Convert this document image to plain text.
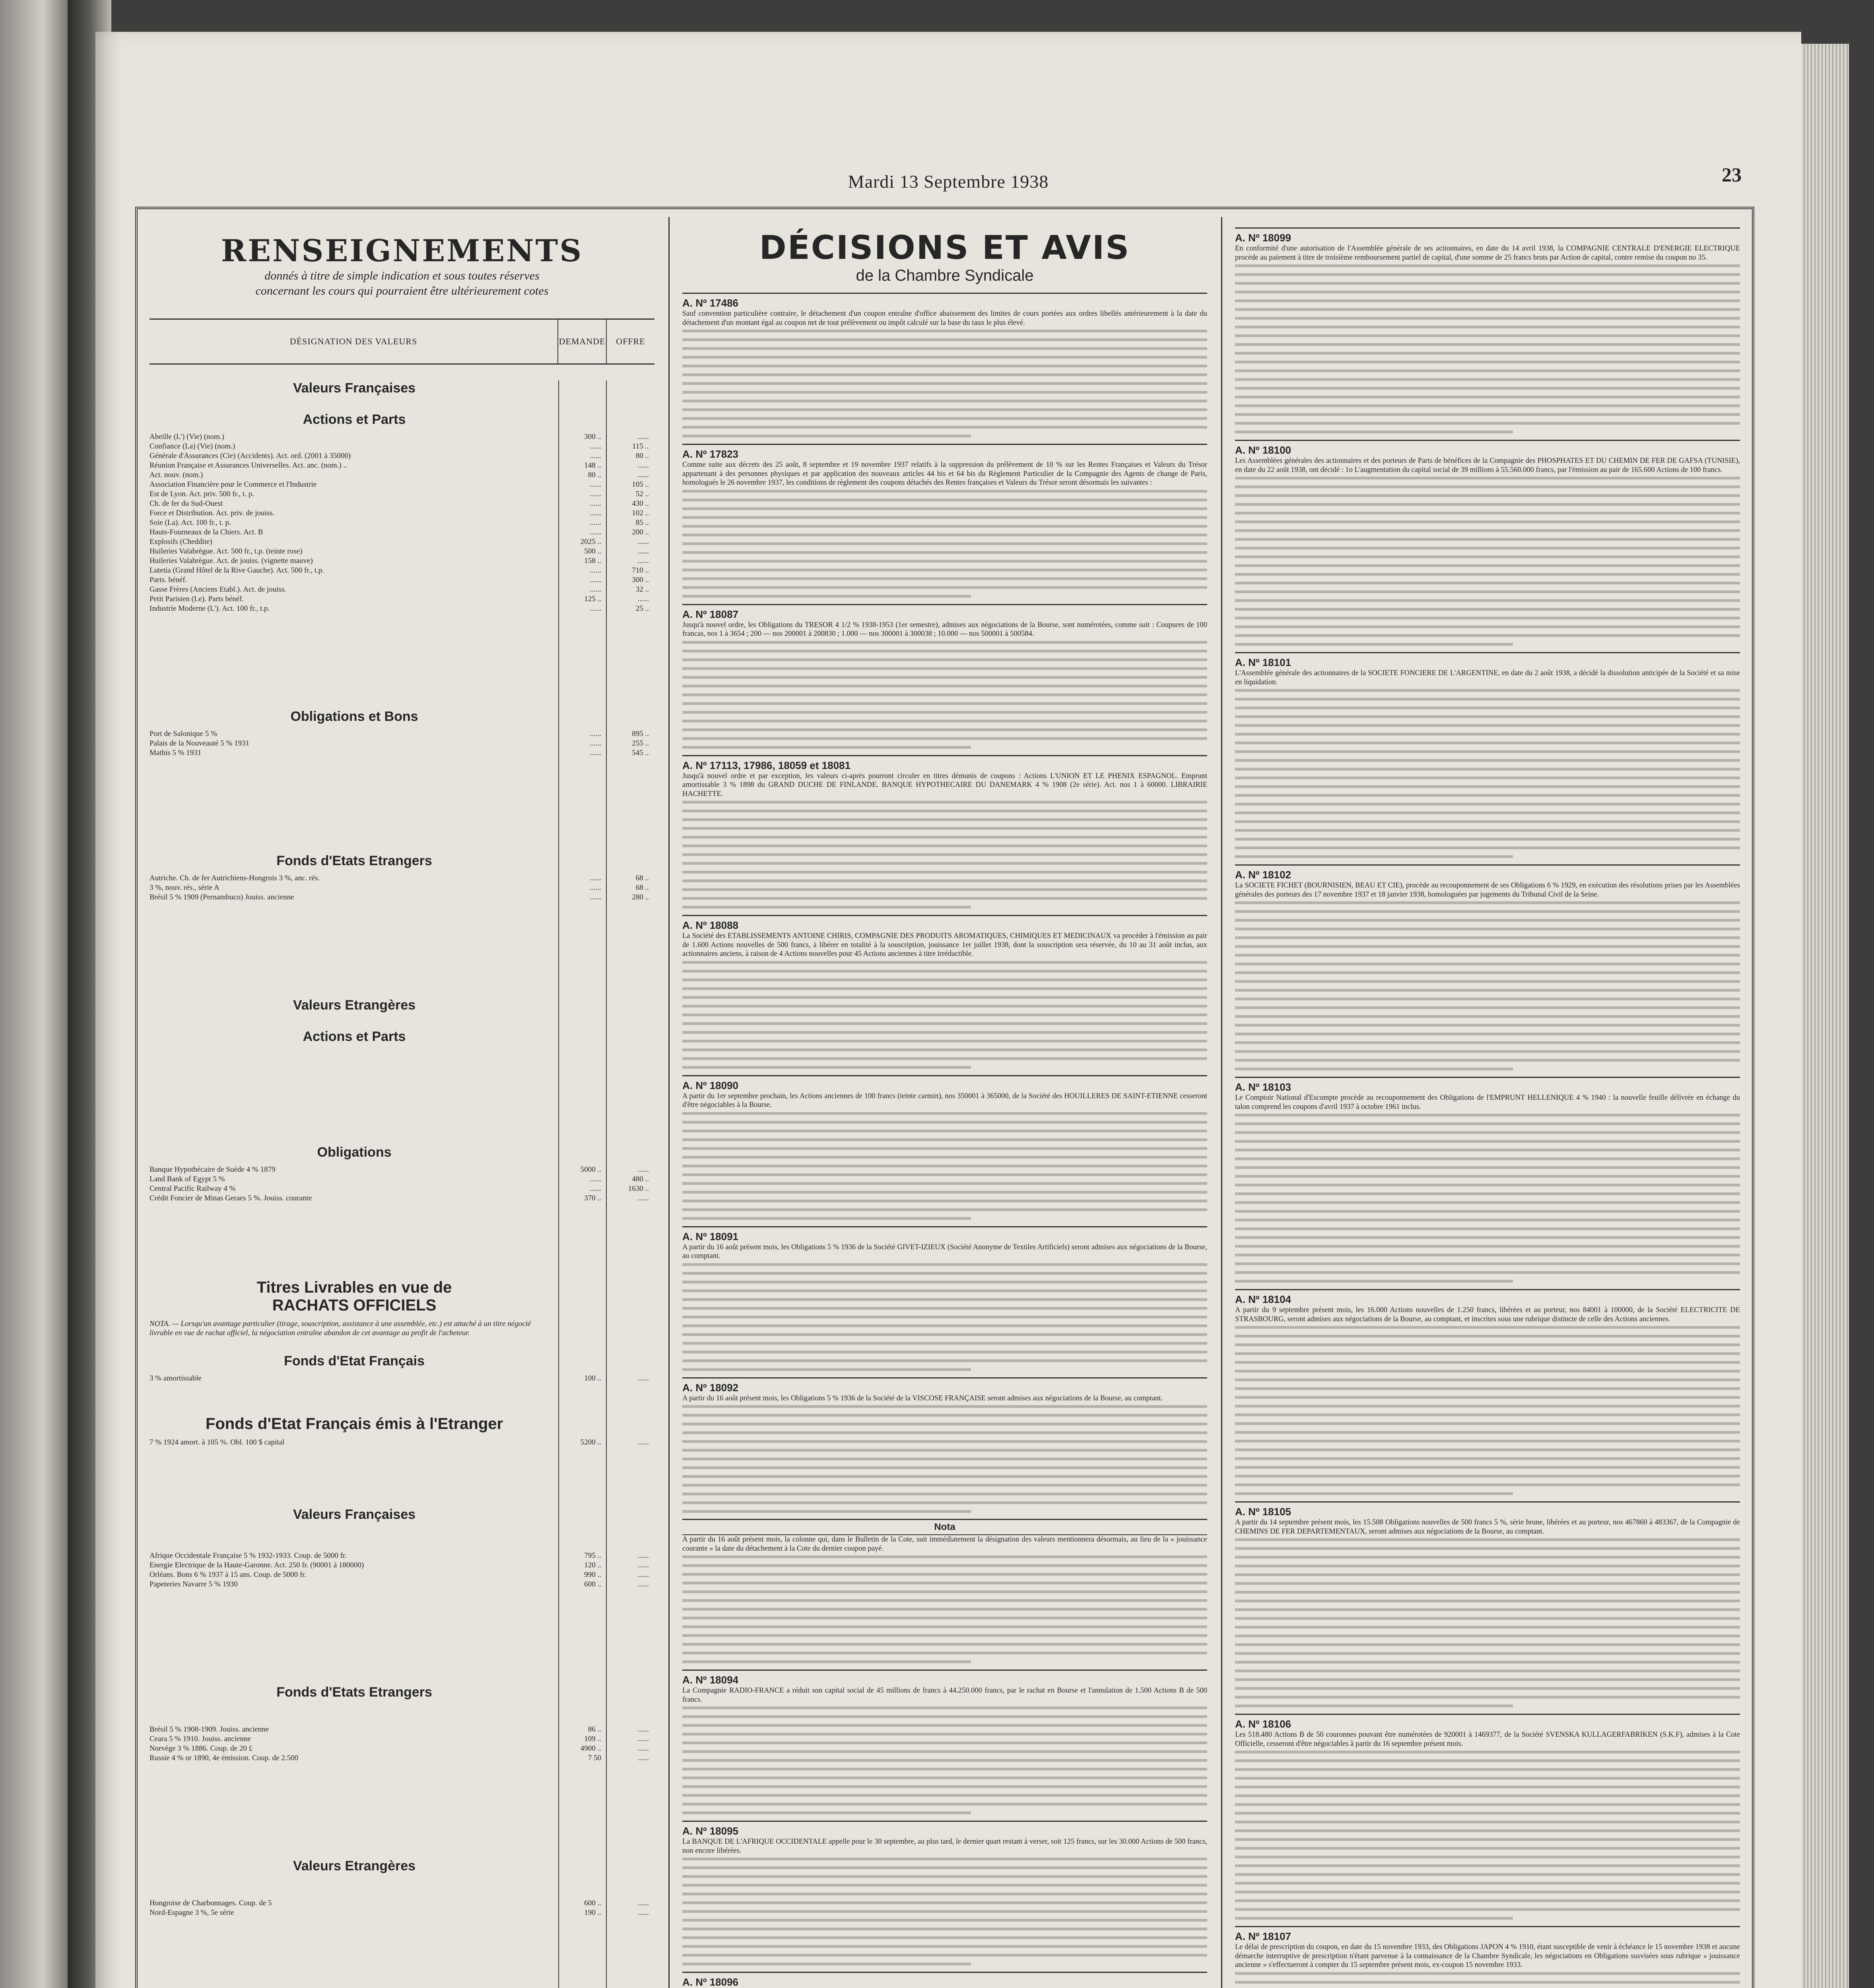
Mardi 13 Septembre 1938	23
RENSEIGNEMENTS
donnés à titre de simple indication et sous toutes réserves
concernant les cours qui pourraient être ultérieurement cotes
DÉSIGNATION DES VALEURS	DEMANDE	OFFRE
Valeurs Françaises
Actions et Parts
Abeille (L') (Vie) (nom.)	300 ..	......
Confiance (La) (Vie) (nom.)	......	115 ..
Générale d'Assurances (Cie) (Accidents). Act. ord. (2001 à 35000)	......	80 ..
Réunion Française et Assurances Universelles. Act. anc. (nom.) ..	148 ..	......
Act. nouv. (nom.)	80 ..	......
Association Financière pour le Commerce et l'Industrie	......	105 ..
Est de Lyon. Act. priv. 500 fr., t. p.	......	52 ..
Ch. de fer du Sud-Ouest	......	430 ..
Force et Distribution. Act. priv. de jouiss.	......	102 ..
Soie (La). Act. 100 fr., t. p.	......	85 ..
Hauts-Fourneaux de la Chiers. Act. B	......	200 ..
Explosifs (Cheddite)	2025 ..	......
Huileries Valabrègue. Act. 500 fr., t.p. (teinte rose)	500 ..	......
Huileries Valabrègue. Act. de jouiss. (vignette mauve)	158 ..	......
Lutetia (Grand Hôtel de la Rive Gauche). Act. 500 fr., t.p.	......	710 ..
Parts. bénéf.	......	300 ..
Gasse Frères (Anciens Etabl.). Act. de jouiss.	......	32 ..
Petit Parisien (Le). Parts bénéf.	125 ..	......
Industrie Moderne (L'). Act. 100 fr., t.p.	......	25 ..
Obligations et Bons
Port de Salonique 5 %	......	895 ..
Palais de la Nouveauté 5 % 1931	......	255 ..
Mathis 5 % 1931	......	545 ..
Fonds d'Etats Etrangers
Autriche. Ch. de fer Autrichiens-Hongrois 3 %, anc. rés.	......	68 ..
3 %, nouv. rés., série A	......	68 ..
Brésil 5 % 1909 (Pernambuco) Jouiss. ancienne	......	280 ..
Valeurs Etrangères
Actions et Parts
Obligations
Banque Hypothécaire de Suède 4 % 1879	5000 ..	......
Land Bank of Egypt 5 %	......	480 ..
Central Pacific Railway 4 %	......	1630 ..
Crédit Foncier de Minas Geraes 5 %. Jouiss. courante	370 ..	......
Titres Livrables en vue de
RACHATS OFFICIELS
NOTA. — Lorsqu'un avantage particulier (tirage, souscription, assistance à une assemblée, etc.) est attaché à un titre négocié livrable en vue de rachat officiel, la négociation entraîne abandon de cet avantage au profit de l'acheteur.
Fonds d'Etat Français
3 % amortissable	100 ..	......
Fonds d'Etat Français émis à l'Etranger
7 % 1924 amort. à 105 %. Obl. 100 $ capital	5200 ..	......
Valeurs Françaises
Afrique Occidentale Française 5 % 1932-1933. Coup. de 5000 fr.	795 ..	......
Energie Electrique de la Haute-Garonne. Act. 250 fr. (90001 à 180000)	120 ..	......
Orléans. Bons 6 % 1937 à 15 ans. Coup. de 5000 fr.	990 ..	......
Papeteries Navarre 5 % 1930	600 ..	......
Fonds d'Etats Etrangers
Brésil 5 % 1908-1909. Jouiss. ancienne	86 ..	......
Ceara 5 % 1910. Jouiss. ancienne	109 ..	......
Norvège 3 % 1886. Coup. de 20 £	4900 ..	......
Russie 4 % or 1890, 4e émission. Coup. de 2.500	7 50	......
Valeurs Etrangères
Hongroise de Charbonnages. Coup. de 5	600 ..	......
Nord-Espagne 3 %, 5e série	190 ..	......
DÉCISIONS ET AVIS
de la Chambre Syndicale
A. Nº 17486
Sauf convention particulière contraire, le détachement d'un coupon entraîne d'office abaissement des limites de cours portées aux ordres libellés antérieurement à la date du détachement d'un montant égal au coupon net de tout prélèvement ou impôt calculé sur la base du taux le plus élevé.
A. Nº 17823
Comme suite aux décrets des 25 août, 8 septembre et 19 novembre 1937 relatifs à la suppression du prélèvement de 10 % sur les Rentes Françaises et Valeurs du Trésor appartenant à des personnes physiques et par application des nouveaux articles 44 bis et 64 bis du Règlement Particulier de la Compagnie des Agents de change de Paris, homologués le 26 novembre 1937, les conditions de règlement des coupons détachés des Rentes françaises et Valeurs du Trésor seront désormais les suivantes :
A. Nº 18087
Jusqu'à nouvel ordre, les Obligations du TRESOR 4 1/2 % 1938-1953 (1er semestre), admises aux négociations de la Bourse, sont numérotées, comme suit : Coupures de 100 francas, nos 1 à 3654 ; 200 — nos 200001 à 200830 ; 1.000 — nos 300001 à 300038 ; 10.000 — nos 500001 à 500584.
A. Nº 17113, 17986, 18059 et 18081
Jusqu'à nouvel ordre et par exception, les valeurs ci-après pourront circuler en titres démunis de coupons : Actions L'UNION ET LE PHENIX ESPAGNOL. Emprunt amortissable 3 % 1898 du GRAND DUCHE DE FINLANDE. BANQUE HYPOTHECAIRE DU DANEMARK 4 % 1908 (2e série). Act. nos 1 à 60000. LIBRAIRIE HACHETTE.
A. Nº 18088
La Société des ETABLISSEMENTS ANTOINE CHIRIS, COMPAGNIE DES PRODUITS AROMATIQUES, CHIMIQUES ET MEDICINAUX va procéder à l'émission au pair de 1.600 Actions nouvelles de 500 francs, à libérer en totalité à la souscription, jouissance 1er juillet 1938, dont la souscription sera réservée, du 10 au 31 août inclus, aux actionnaires anciens, à raison de 4 Actions nouvelles pour 45 Actions anciennes à titre irréductible.
A. Nº 18090
A partir du 1er septembre prochain, les Actions anciennes de 100 francs (teinte carmin), nos 350001 à 365000, de la Société des HOUILLERES DE SAINT-ETIENNE cesseront d'être négociables à la Bourse.
A. Nº 18091
A partir du 16 août présent mois, les Obligations 5 % 1936 de la Société GIVET-IZIEUX (Société Anonyme de Textiles Artificiels) seront admises aux négociations de la Bourse, au comptant.
A. Nº 18092
A partir du 16 août présent mois, les Obligations 5 % 1936 de la Société de la VISCOSE FRANÇAISE seront admises aux négociations de la Bourse, au comptant.
Nota
A partir du 16 août présent mois, la colonne qui, dans le Bulletin de la Cote, suit immédiatement la désignation des valeurs mentionnera désormais, au lieu de la « jouissance courante » la date du détachement à la Cote du dernier coupon payé.
A. Nº 18094
La Compagnie RADIO-FRANCE a réduit son capital social de 45 millions de francs à 44.250.000 francs, par le rachat en Bourse et l'annulation de 1.500 Actions B de 500 francs.
A. Nº 18095
La BANQUE DE L'AFRIQUE OCCIDENTALE appelle pour le 30 septembre, au plus tard, le dernier quart restant à verser, soit 125 francs, sur les 30.000 Actions de 500 francs, non encore libérées.
A. Nº 18096
A. Nº 18099
En conformité d'une autorisation de l'Assemblée générale de ses actionnaires, en date du 14 avril 1938, la COMPAGNIE CENTRALE D'ENERGIE ELECTRIQUE procède au paiement à titre de troisième remboursement partiel de capital, d'une somme de 25 francs bruts par Action de capital, contre remise du coupon no 35.
A. Nº 18100
Les Assemblées générales des actionnaires et des porteurs de Parts de bénéfices de la Compagnie des PHOSPHATES ET DU CHEMIN DE FER DE GAFSA (TUNISIE), en date du 22 août 1938, ont décidé : 1o L'augmentation du capital social de 39 millions à 55.560.000 francs, par l'émission au pair de 165.600 Actions de 100 francs.
A. Nº 18101
L'Assemblée générale des actionnaires de la SOCIETE FONCIERE DE L'ARGENTINE, en date du 2 août 1938, a décidé la dissolution anticipée de la Société et sa mise en liquidation.
A. Nº 18102
La SOCIETE FICHET (BOURNISIEN, BEAU ET CIE), procède au recouponnement de ses Obligations 6 % 1929, en exécution des résolutions prises par les Assemblées générales des porteurs des 17 novembre 1937 et 18 janvier 1938, homologuées par jugements du Tribunal Civil de la Seine.
A. Nº 18103
Le Comptoir National d'Escompte procède au recouponnement des Obligations de l'EMPRUNT HELLENIQUE 4 % 1940 : la nouvelle feuille délivrée en échange du talon comprend les coupons d'avril 1937 à octobre 1961 inclus.
A. Nº 18104
A partir du 9 septembre présent mois, les 16.000 Actions nouvelles de 1.250 francs, libérées et au porteur, nos 84001 à 100000, de la Société ELECTRICITE DE STRASBOURG, seront admises aux négociations de la Bourse, au comptant, et inscrites sous une rubrique distincte de celle des Actions anciennes.
A. Nº 18105
A partir du 14 septembre présent mois, les 15.508 Obligations nouvelles de 500 francs 5 %, série brune, libérées et au porteur, nos 467860 à 483367, de la Compagnie de CHEMINS DE FER DEPARTEMENTAUX, seront admises aux négociations de la Bourse, au comptant.
A. Nº 18106
Les 518.480 Actions B de 50 couronnes pouvant être numérotées de 920001 à 1469377, de la Société SVENSKA KULLAGERFABRIKEN (S.K.F), admises à la Cote Officielle, cesseront d'être négociables à partir du 16 septembre présent mois.
A. Nº 18107
Le délai de prescription du coupon, en date du 15 novembre 1933, des Obligations JAPON 4 % 1910, étant susceptible de venir à échéance le 15 novembre 1938 et aucune démarche interruptive de prescription n'étant parvenue à la connaissance de la Chambre Syndicale, les négociations en Obligations susvisées sous rubrique « jouissance ancienne » s'effectueront à compter du 15 septembre présent mois, ex-coupon 15 novembre 1933.
